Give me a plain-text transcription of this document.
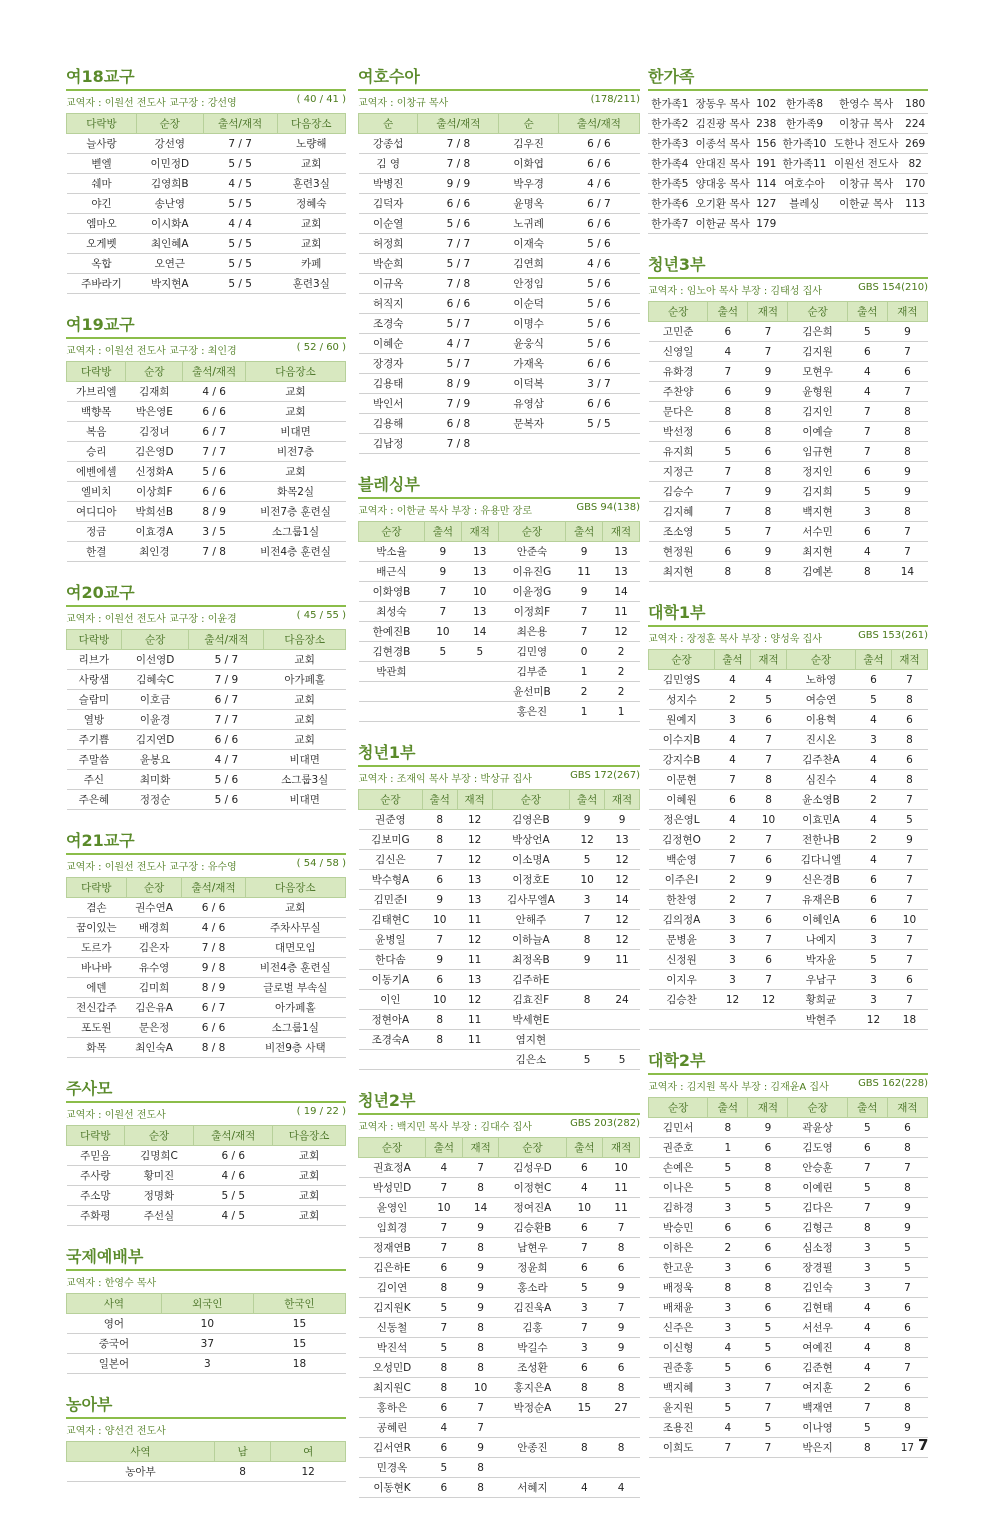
여18교구
교역자 : 이원선 전도사 교구장 : 강선영	( 40 / 41 )
다락방	순장	출석/재적	다음장소
늘사랑	강선영	7 / 7	노량해
벧엘	이민정D	5 / 5	교회
쉐마	김영희B	4 / 5	훈련3실
야긴	송난영	5 / 5	정혜숙
엠마오	이시화A	4 / 4	교회
오게벳	최인혜A	5 / 5	교회
옥합	오연근	5 / 5	카페
주바라기	박지현A	5 / 5	훈련3실
여19교구
교역자 : 이원선 전도사 교구장 : 최인경	( 52 / 60 )
다락방	순장	출석/재적	다음장소
가브리엘	김재희	4 / 6	교회
백향목	박은영E	6 / 6	교회
복음	김정녀	6 / 7	비대면
승리	김은영D	7 / 7	비전7층
에벤에셀	신정화A	5 / 6	교회
엘비치	이상희F	6 / 6	화목2실
여디디아	박희선B	8 / 9	비전7층 훈련실
정금	이효경A	3 / 5	소그룹1실
한결	최인경	7 / 8	비전4층 훈련실
여20교구
교역자 : 이원선 전도사 교구장 : 이윤경	( 45 / 55 )
다락방	순장	출석/재적	다음장소
리브가	이선영D	5 / 7	교회
사랑샘	김혜숙C	7 / 9	아가페홀
슬람미	이호금	6 / 7	교회
열방	이윤경	7 / 7	교회
주기쁨	김지연D	6 / 6	교회
주말씀	윤봉요	4 / 7	비대면
주신	최미화	5 / 6	소그룹3실
주은혜	정정순	5 / 6	비대면
여21교구
교역자 : 이원선 전도사 교구장 : 유수영	( 54 / 58 )
다락방	순장	출석/재적	다음장소
겸손	권수연A	6 / 6	교회
꿈이있는	배경희	4 / 6	주차사무실
도르가	김은자	7 / 8	대면모임
바나바	유수영	9 / 8	비전4층 훈련실
에덴	김미희	8 / 9	글로벌 부속실
전신갑주	김은유A	6 / 7	아가페홀
포도원	문은정	6 / 6	소그룹1실
화목	최인숙A	8 / 8	비전9층 사택
주사모
교역자 : 이원선 전도사	( 19 / 22 )
다락방	순장	출석/재적	다음장소
주믿음	김명희C	6 / 6	교회
주사랑	황미진	4 / 6	교회
주소망	정명화	5 / 5	교회
주화평	주선실	4 / 5	교회
국제예배부
교역자 : 한영수 목사
사역	외국인	한국인
영어	10	15
중국어	37	15
일본어	3	18
농아부
교역자 : 양선건 전도사
사역	남	여
농아부	8	12
여호수아
교역자 : 이창규 목사	(178/211)
순	출석/재적	순	출석/재적
강종섭	7 / 8	김우진	6 / 6
김 영	7 / 8	이화엽	6 / 6
박병진	9 / 9	박우경	4 / 6
김덕자	6 / 6	윤명옥	6 / 7
이순열	5 / 6	노귀례	6 / 6
허정희	7 / 7	이재숙	5 / 6
박순희	5 / 7	김연희	4 / 6
이규옥	7 / 8	안정임	5 / 6
허직지	6 / 6	이순덕	5 / 6
조경숙	5 / 7	이명수	5 / 6
이혜순	4 / 7	윤웅식	5 / 6
장경자	5 / 7	가재옥	6 / 6
김용태	8 / 9	이덕복	3 / 7
박인서	7 / 9	유영삼	6 / 6
김용해	6 / 8	문복자	5 / 5
김남정	7 / 8		
블레싱부
교역자 : 이한균 목사 부장 : 유용만 장로	GBS 94(138)
순장	출석	재적	순장	출석	재적
박소율	9	13	안준숙	9	13
배근식	9	13	이유진G	11	13
이화영B	7	10	이윤정G	9	14
최성숙	7	13	이정희F	7	11
한예진B	10	14	최은용	7	12
김현경B	5	5	김민영	0	2
박관희			김부준	1	2
			윤선미B	2	2
			홍은진	1	1
청년1부
교역자 : 조재익 목사 부장 : 박상규 집사	GBS 172(267)
순장	출석	재적	순장	출석	재적
권준영	8	12	김영은B	9	9
김보미G	8	12	박상언A	12	13
김신은	7	12	이소명A	5	12
박수형A	6	13	이정호E	10	12
김민준I	9	13	김사무엘A	3	14
김태현C	10	11	안해주	7	12
윤병일	7	12	이하늘A	8	12
한다솜	9	11	최정옥B	9	11
이동기A	6	13	김주하E		
이인	10	12	김효진F	8	24
정현아A	8	11	박세현E		
조경숙A	8	11	염지현		
			김은소	5	5
청년2부
교역자 : 백지민 목사 부장 : 김대수 집사	GBS 203(282)
순장	출석	재적	순장	출석	재적
권효정A	4	7	김성우D	6	10
박성민D	7	8	이정현C	4	11
윤영인	10	14	정여진A	10	11
임희경	7	9	김승환B	6	7
정재연B	7	8	남현우	7	8
김은하E	6	9	정윤희	6	6
김이연	8	9	홍소라	5	9
김지원K	5	9	김진욱A	3	7
신동철	7	8	김홍	7	9
박진석	5	8	박길수	3	9
오성민D	8	8	조성환	6	6
최지원C	8	10	홍지은A	8	8
홍하은	6	7	박정순A	15	27
공혜린	4	7			
김서연R	6	9	안종진	8	8
민경옥	5	8			
이동현K	6	8	서혜지	4	4
한가족
한가족1	장동우 목사	102	한가족8	한영수 목사	180
한가족2	김진광 목사	238	한가족9	이창규 목사	224
한가족3	이종석 목사	156	한가족10	도한나 전도사	269
한가족4	안대진 목사	191	한가족11	이원선 전도사	82
한가족5	양대웅 목사	114	여호수아	이창규 목사	170
한가족6	오기환 목사	127	블레싱	이한균 목사	113
한가족7	이한균 목사	179			
청년3부
교역자 : 임노아 목사 부장 : 김태성 집사	GBS 154(210)
순장	출석	재적	순장	출석	재적
고민준	6	7	김은희	5	9
신영일	4	7	김지원	6	7
유화경	7	9	모현우	4	6
주찬양	6	9	윤형원	4	7
문다은	8	8	김지인	7	8
박선정	6	8	이예슬	7	8
유지희	5	6	임규현	7	8
지정근	7	8	정지인	6	9
김승수	7	9	김지희	5	9
김지혜	7	8	백지현	3	8
조소영	5	7	서수민	6	7
현정원	6	9	최지현	4	7
최지현	8	8	김예본	8	14
대학1부
교역자 : 장정훈 목사 부장 : 양성욱 집사	GBS 153(261)
순장	출석	재적	순장	출석	재적
김민영S	4	4	노하영	6	7
성지수	2	5	여승연	5	8
원예지	3	6	이용혁	4	6
이수지B	4	7	진시온	3	8
강지수B	4	7	김주찬A	4	6
이문현	7	8	심진수	4	8
이혜원	6	8	윤소영B	2	7
정은영L	4	10	이효민A	4	5
김정현O	2	7	전한나B	2	9
백순영	7	6	김다니엘	4	7
이주은I	2	9	신은경B	6	7
한찬영	2	7	유재은B	6	7
김의정A	3	6	이혜인A	6	10
문병윤	3	7	나예지	3	7
신정원	3	6	박자윤	5	7
이지우	3	7	우남구	3	6
김승찬	12	12	황희균	3	7
			박현주	12	18
대학2부
교역자 : 김지원 목사 부장 : 김재윤A 집사	GBS 162(228)
순장	출석	재적	순장	출석	재적
김민서	8	9	곽윤상	5	6
권준호	1	6	김도영	6	8
손예은	5	8	안승훈	7	7
이나은	5	8	이예린	5	8
김하경	3	5	김다은	7	9
박승민	6	6	김형근	8	9
이하은	2	6	심소정	3	5
한고운	3	6	장경필	3	5
배정욱	8	8	김인숙	3	7
배채윤	3	6	김현태	4	6
신주은	3	5	서선우	4	6
이신형	4	5	여예진	4	8
권준홍	5	6	김준현	4	7
백지혜	3	7	여지훈	2	6
윤지원	5	7	백재연	7	8
조용진	4	5	이나영	5	9
이희도	7	7	박은지	8	17 7
